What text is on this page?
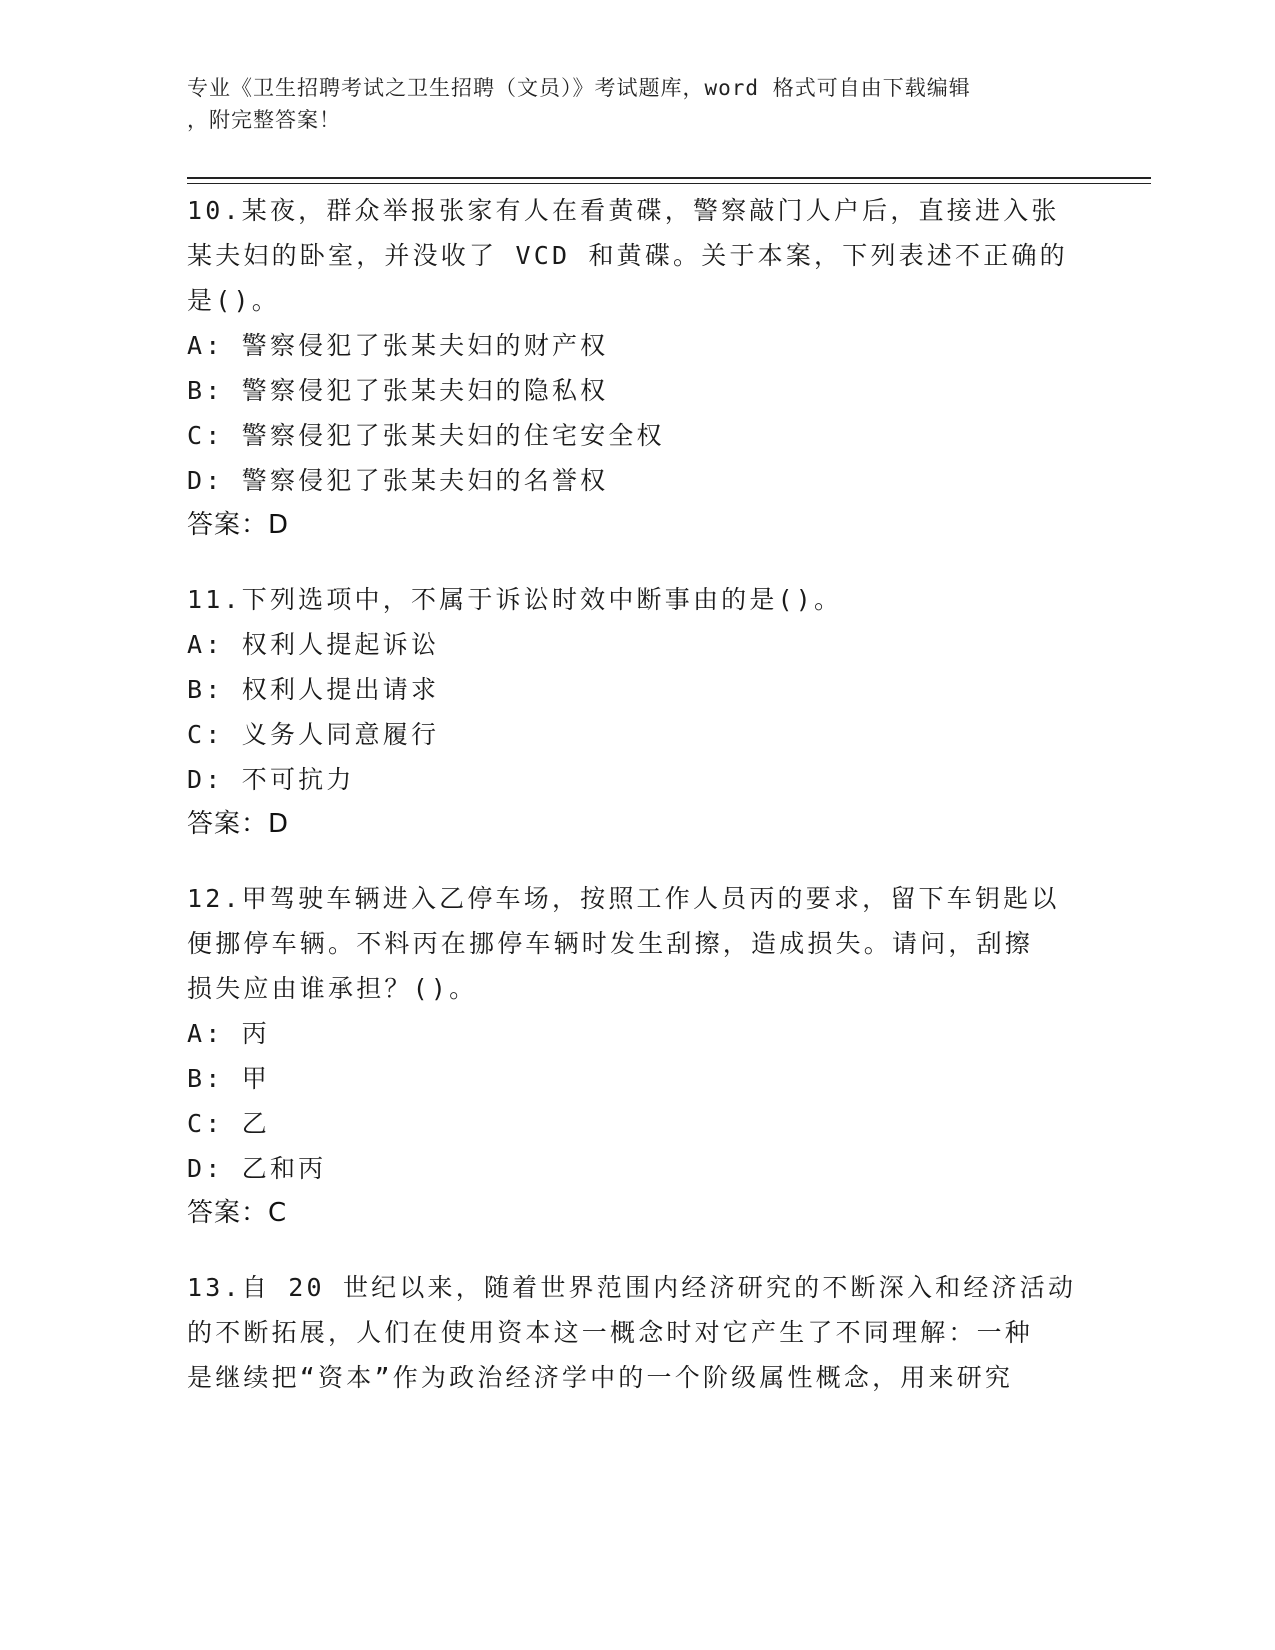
专业《卫生招聘考试之卫生招聘（文员）》考试题库，word 格式可自由下载编辑
，附完整答案！

10.某夜，群众举报张家有人在看黄碟，警察敲门人户后，直接进入张

某夫妇的卧室，并没收了 VCD 和黄碟。关于本案，下列表述不正确的

是()。

A: 警察侵犯了张某夫妇的财产权

B: 警察侵犯了张某夫妇的隐私权

C: 警察侵犯了张某夫妇的住宅安全权

D: 警察侵犯了张某夫妇的名誉权

答案：D

11.下列选项中，不属于诉讼时效中断事由的是()。

A: 权利人提起诉讼

B: 权利人提出请求

C: 义务人同意履行

D: 不可抗力

答案：D

12.甲驾驶车辆进入乙停车场，按照工作人员丙的要求，留下车钥匙以

便挪停车辆。不料丙在挪停车辆时发生刮擦，造成损失。请问，刮擦

损失应由谁承担？()。

A: 丙

B: 甲

C: 乙

D: 乙和丙

答案：C

13.自 20 世纪以来，随着世界范围内经济研究的不断深入和经济活动

的不断拓展，人们在使用资本这一概念时对它产生了不同理解：一种

是继续把“资本”作为政治经济学中的一个阶级属性概念，用来研究
